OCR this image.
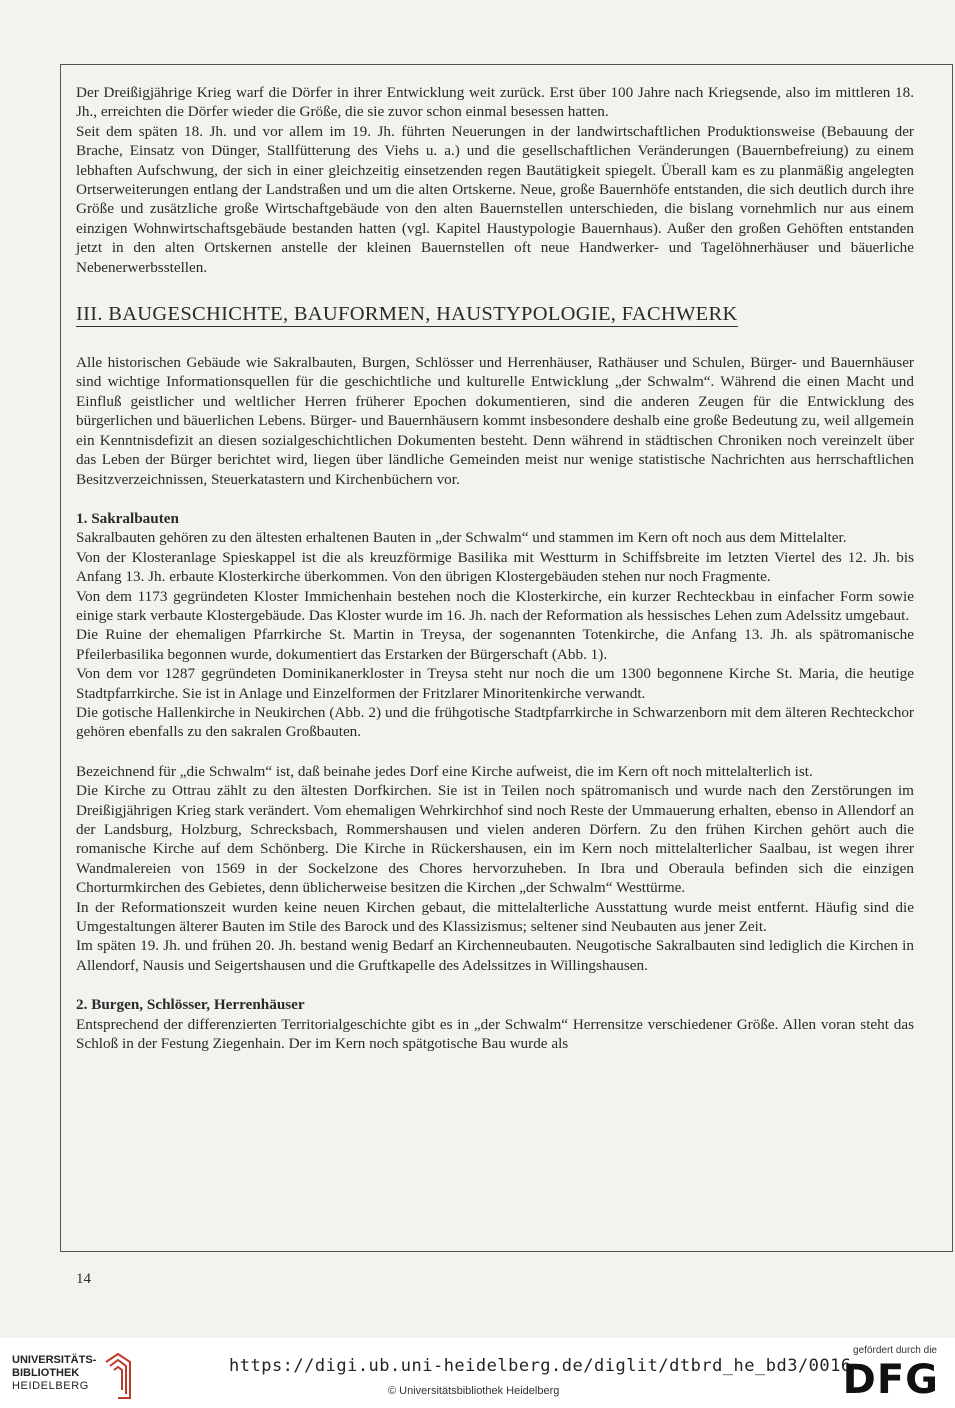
Der Dreißigjährige Krieg warf die Dörfer in ihrer Entwicklung weit zurück. Erst über 100 Jahre nach Kriegsende, also im mittleren 18. Jh., erreichten die Dörfer wieder die Größe, die sie zuvor schon einmal besessen hatten.

Seit dem späten 18. Jh. und vor allem im 19. Jh. führten Neuerungen in der landwirtschaftlichen Produktionsweise (Bebauung der Brache, Einsatz von Dünger, Stallfütterung des Viehs u. a.) und die gesellschaftlichen Veränderungen (Bauernbefreiung) zu einem lebhaften Aufschwung, der sich in einer gleichzeitig einsetzenden regen Bautätigkeit spiegelt. Überall kam es zu planmäßig angelegten Ortserweiterungen entlang der Landstraßen und um die alten Ortskerne. Neue, große Bauernhöfe entstanden, die sich deutlich durch ihre Größe und zusätzliche große Wirtschaftgebäude von den alten Bauernstellen unterschieden, die bislang vornehmlich nur aus einem einzigen Wohnwirtschaftsgebäude bestanden hatten (vgl. Kapitel Haustypologie Bauernhaus). Außer den großen Gehöften entstanden jetzt in den alten Ortskernen anstelle der kleinen Bauernstellen oft neue Handwerker- und Tagelöhnerhäuser und bäuerliche Nebenerwerbsstellen.

III. BAUGESCHICHTE, BAUFORMEN, HAUSTYPOLOGIE, FACHWERK

Alle historischen Gebäude wie Sakralbauten, Burgen, Schlösser und Herrenhäuser, Rathäuser und Schulen, Bürger- und Bauernhäuser sind wichtige Informationsquellen für die geschichtliche und kulturelle Entwicklung „der Schwalm“. Während die einen Macht und Einfluß geistlicher und weltlicher Herren früherer Epochen dokumentieren, sind die anderen Zeugen für die Entwicklung des bürgerlichen und bäuerlichen Lebens. Bürger- und Bauernhäusern kommt insbesondere deshalb eine große Bedeutung zu, weil allgemein ein Kenntnisdefizit an diesen sozialgeschichtlichen Dokumenten besteht. Denn während in städtischen Chroniken noch vereinzelt über das Leben der Bürger berichtet wird, liegen über ländliche Gemeinden meist nur wenige statistische Nachrichten aus herrschaftlichen Besitzverzeichnissen, Steuerkatastern und Kirchenbüchern vor.

1. Sakralbauten

Sakralbauten gehören zu den ältesten erhaltenen Bauten in „der Schwalm“ und stammen im Kern oft noch aus dem Mittelalter.

Von der Klosteranlage Spieskappel ist die als kreuzförmige Basilika mit Westturm in Schiffsbreite im letzten Viertel des 12. Jh. bis Anfang 13. Jh. erbaute Klosterkirche überkommen. Von den übrigen Klostergebäuden stehen nur noch Fragmente.

Von dem 1173 gegründeten Kloster Immichenhain bestehen noch die Klosterkirche, ein kurzer Rechteckbau in einfacher Form sowie einige stark verbaute Klostergebäude. Das Kloster wurde im 16. Jh. nach der Reformation als hessisches Lehen zum Adelssitz umgebaut.

Die Ruine der ehemaligen Pfarrkirche St. Martin in Treysa, der sogenannten Totenkirche, die Anfang 13. Jh. als spätromanische Pfeilerbasilika begonnen wurde, dokumentiert das Erstarken der Bürgerschaft (Abb. 1).

Von dem vor 1287 gegründeten Dominikanerkloster in Treysa steht nur noch die um 1300 begonnene Kirche St. Maria, die heutige Stadtpfarrkirche. Sie ist in Anlage und Einzelformen der Fritzlarer Minoritenkirche verwandt.

Die gotische Hallenkirche in Neukirchen (Abb. 2) und die frühgotische Stadtpfarrkirche in Schwarzenborn mit dem älteren Rechteckchor gehören ebenfalls zu den sakralen Großbauten.

Bezeichnend für „die Schwalm“ ist, daß beinahe jedes Dorf eine Kirche aufweist, die im Kern oft noch mittelalterlich ist.

Die Kirche zu Ottrau zählt zu den ältesten Dorfkirchen. Sie ist in Teilen noch spätromanisch und wurde nach den Zerstörungen im Dreißigjährigen Krieg stark verändert. Vom ehemaligen Wehrkirchhof sind noch Reste der Ummauerung erhalten, ebenso in Allendorf an der Landsburg, Holzburg, Schrecksbach, Rommershausen und vielen anderen Dörfern. Zu den frühen Kirchen gehört auch die romanische Kirche auf dem Schönberg. Die Kirche in Rückershausen, ein im Kern noch mittelalterlicher Saalbau, ist wegen ihrer Wandmalereien von 1569 in der Sockelzone des Chores hervorzuheben. In Ibra und Oberaula befinden sich die einzigen Chorturmkirchen des Gebietes, denn üblicherweise besitzen die Kirchen „der Schwalm“ Westtürme.

In der Reformationszeit wurden keine neuen Kirchen gebaut, die mittelalterliche Ausstattung wurde meist entfernt. Häufig sind die Umgestaltungen älterer Bauten im Stile des Barock und des Klassizismus; seltener sind Neubauten aus jener Zeit.

Im späten 19. Jh. und frühen 20. Jh. bestand wenig Bedarf an Kirchenneubauten. Neugotische Sakralbauten sind lediglich die Kirchen in Allendorf, Nausis und Seigertshausen und die Gruftkapelle des Adelssitzes in Willingshausen.

2. Burgen, Schlösser, Herrenhäuser

Entsprechend der differenzierten Territorialgeschichte gibt es in „der Schwalm“ Herrensitze verschiedener Größe. Allen voran steht das Schloß in der Festung Ziegenhain. Der im Kern noch spätgotische Bau wurde als

14
UNIVERSITÄTS-
BIBLIOTHEK
HEIDELBERG
https://digi.ub.uni-heidelberg.de/diglit/dtbrd_he_bd3/0016
© Universitätsbibliothek Heidelberg
gefördert durch die
DFG
